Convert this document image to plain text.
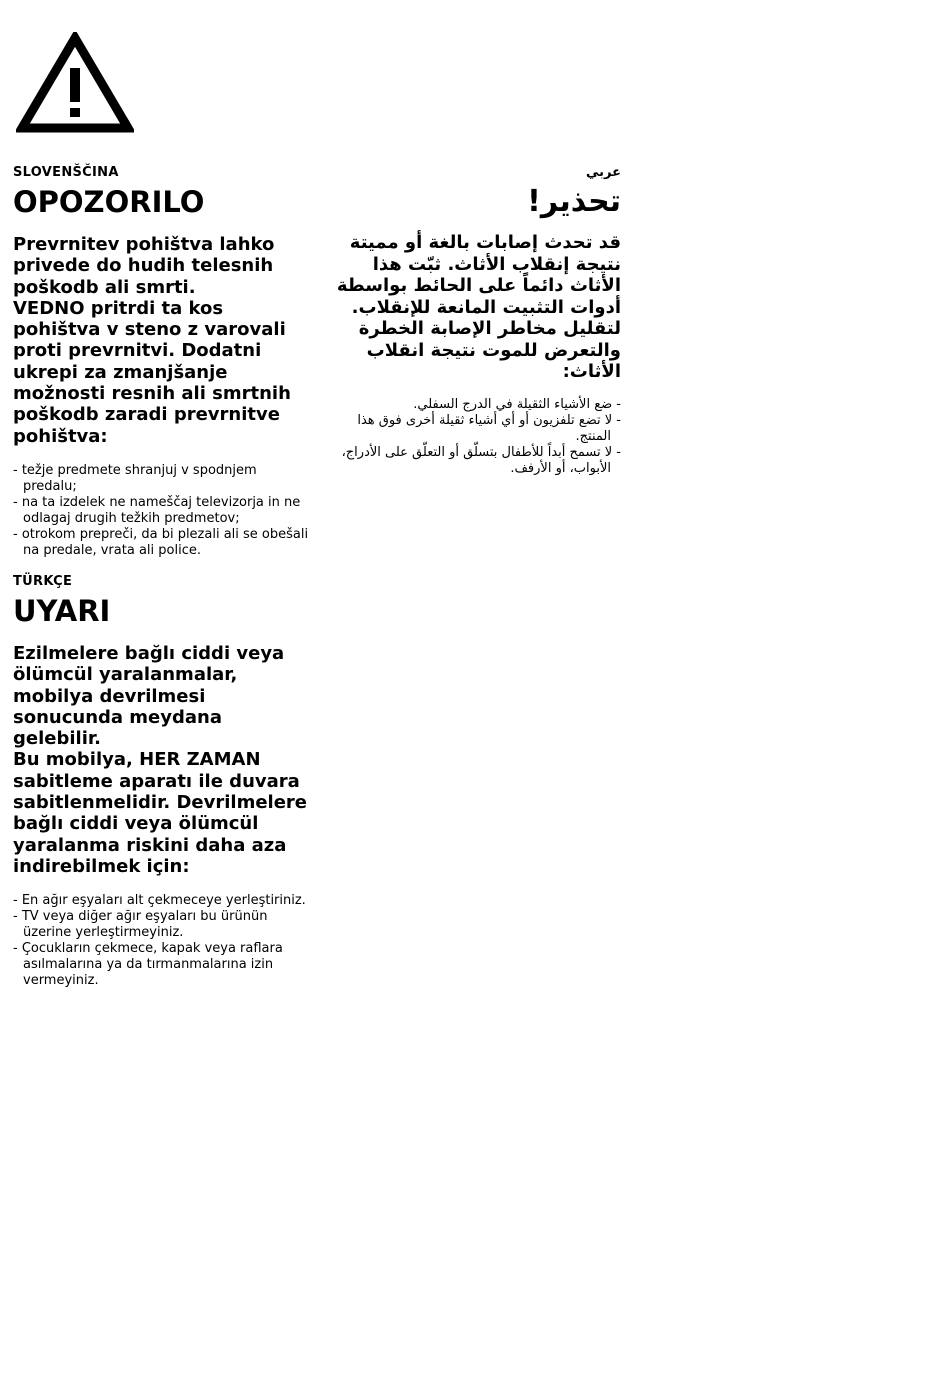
SLOVENŠČINA

OPOZORILO

Prevrnitev pohištva lahko privede do hudih telesnih poškodb ali smrti.
VEDNO pritrdi ta kos pohištva v steno z varovali proti prevrnitvi. Dodatni ukrepi za zmanjšanje možnosti resnih ali smrtnih poškodb zaradi prevrnitve pohištva:

- težje predmete shranjuj v spodnjem predalu;
- na ta izdelek ne nameščaj televizorja in ne odlagaj drugih težkih predmetov;
- otrokom prepreči, da bi plezali ali se obešali na predale, vrata ali police.

TÜRKÇE

UYARI

Ezilmelere bağlı ciddi veya ölümcül yaralanmalar, mobilya devrilmesi sonucunda meydana gelebilir.
Bu mobilya, HER ZAMAN sabitleme aparatı ile duvara sabitlenmelidir. Devrilmelere bağlı ciddi veya ölümcül yaralanma riskini daha aza indirebilmek için:

- En ağır eşyaları alt çekmeceye yerleştiriniz.
- TV veya diğer ağır eşyaları bu ürünün üzerine yerleştirmeyiniz.
- Çocukların çekmece, kapak veya raflara asılmalarına ya da tırmanmalarına izin vermeyiniz.

عربي

تحذير!

قد تحدث إصابات بالغة أو مميتة نتيجة إنقلاب الأثاث. ثبّت هذا الأثاث دائماً على الحائط بواسطة أدوات التثبيت المانعة للإنقلاب. لتقليل مخاطر الإصابة الخطرة والتعرض للموت نتيجة انقلاب الأثاث:

- ضع الأشياء الثقيلة في الدرج السفلي.
- لا تضع تلفزيون أو أي أشياء ثقيلة أخرى فوق هذا المنتج.
- لا تسمح أبداً للأطفال بتسلّق أو التعلّق على الأدراج، الأبواب، أو الأرفف.
